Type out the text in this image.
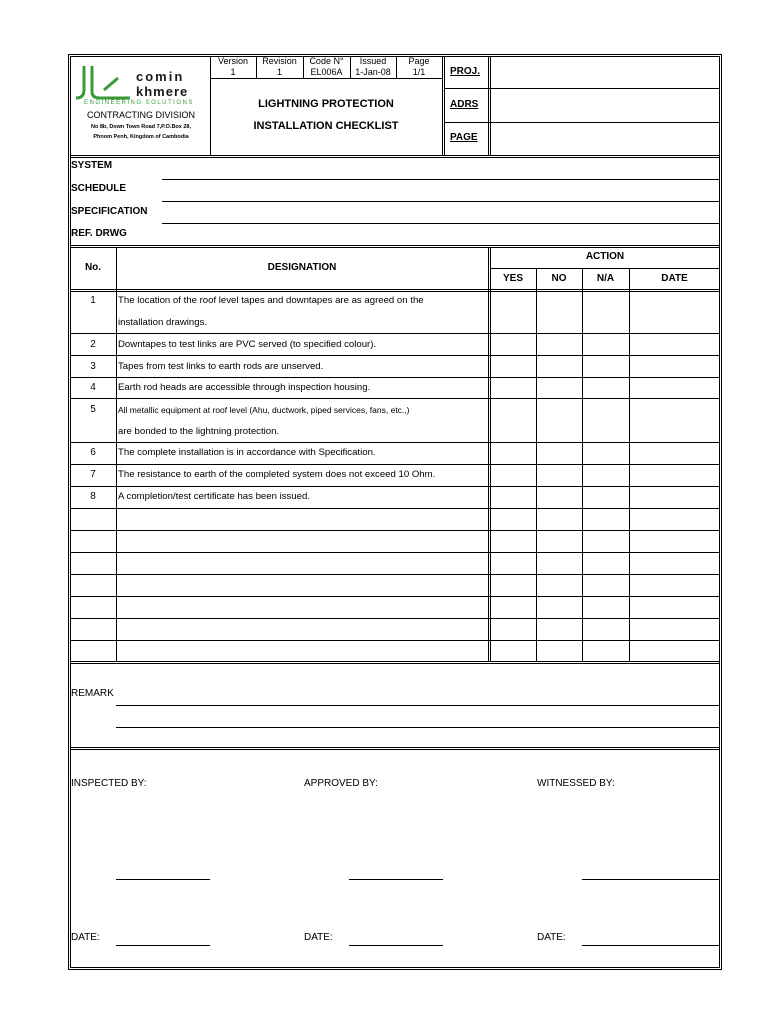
comin
khmere
ENGINEERING SOLUTIONS
CONTRACTING DIVISION
No 8b, Down Town Road 7,P.O.Box 28,
Phnom Penh, Kingdom of Cambodia
Version	Revision	Code N°	Issued	Page
1	1	EL006A	1-Jan-08	1/1
LIGHTNING PROTECTION
INSTALLATION CHECKLIST
PROJ.
ADRS
PAGE
SYSTEM
SCHEDULE
SPECIFICATION
REF. DRWG
No.	DESIGNATION
ACTION
YES	NO	N/A	DATE
1	The location of the roof level tapes and downtapes are as agreed on the
installation drawings.
2	Downtapes to test links are PVC served (to specified colour).
3	Tapes from test links to earth rods are unserved.
4	Earth rod heads are accessible through inspection housing.
5	All metallic equipment at roof level (Ahu, ductwork, piped services, fans, etc.,)
are bonded to the lightning protection.
6	The complete installation is in accordance with Specification.
7	The resistance to earth of the completed system does not exceed 10 Ohm.
8	A completion/test certificate has been issued.
REMARK
INSPECTED BY:	APPROVED BY:	WITNESSED BY:
DATE:	DATE:	DATE:
